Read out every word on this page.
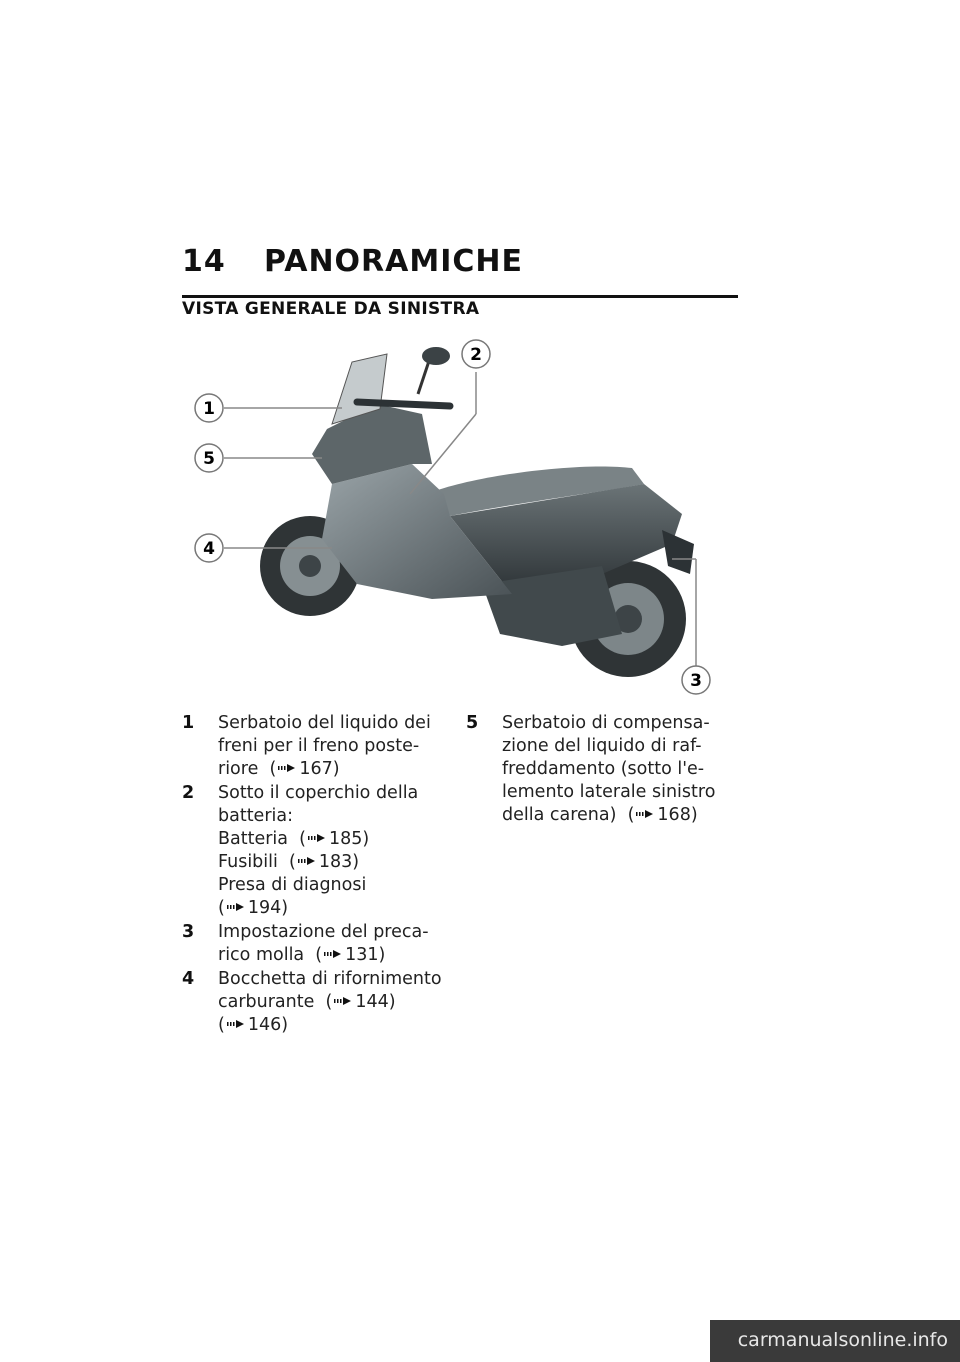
14 PANORAMICHE
VISTA GENERALE DA SINISTRA
1
5
4
2
3
1 Serbatoio del liquido dei
freni per il freno poste-
riore ( 167)
2 Sotto il coperchio della
batteria:
Batteria ( 185)
Fusibili ( 183)
Presa di diagnosi
( 194)
3 Impostazione del preca-
rico molla ( 131)
4 Bocchetta di rifornimento
carburante ( 144)
( 146)
5 Serbatoio di compensa-
zione del liquido di raf-
freddamento (sotto l'e-
lemento laterale sinistro
della carena) ( 168)
carmanualsonline.info
